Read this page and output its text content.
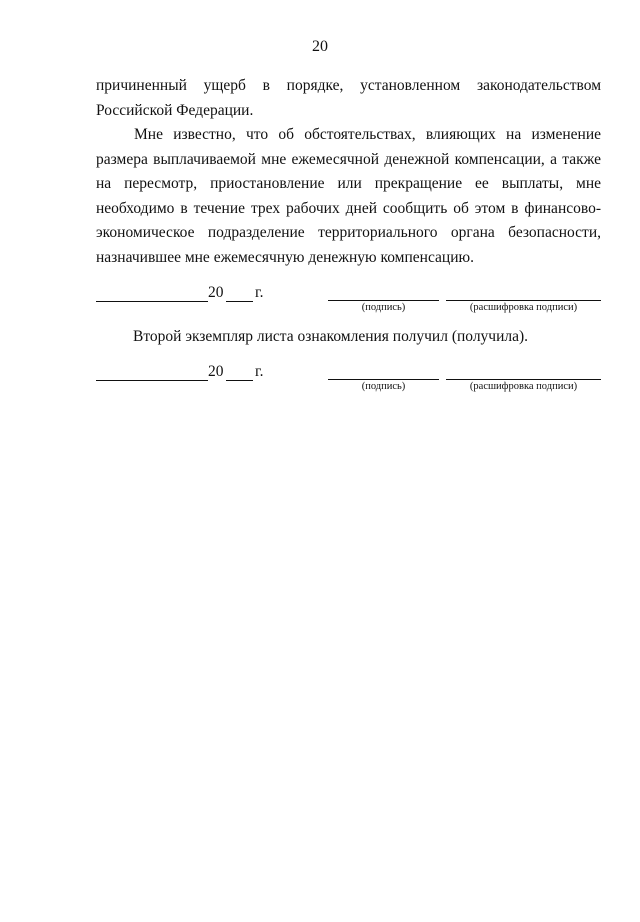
20

причиненный ущерб в порядке, установленном законодательством Российской Федерации.

Мне известно, что об обстоятельствах, влияющих на изменение размера выплачиваемой мне ежемесячной денежной компенсации, а также на пересмотр, приостановление или прекращение ее выплаты, мне необходимо в течение трех рабочих дней сообщить об этом в финансово-экономическое подразделение территориального органа безопасности, назначившее мне ежемесячную денежную компенсацию.

20 г.
(подпись)	(расшифровка подписи)
Второй экземпляр листа ознакомления получил (получила).
20 г.
(подпись)	(расшифровка подписи)
